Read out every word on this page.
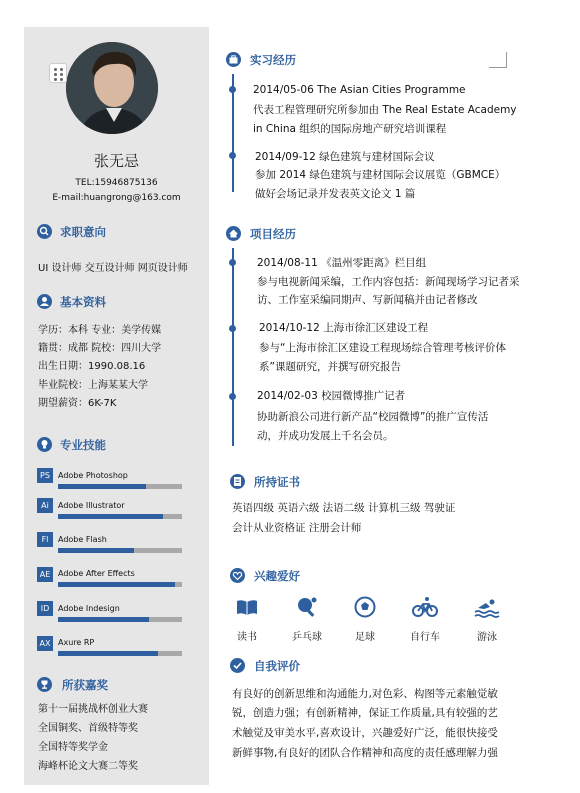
张无忌
TEL:15946875136
E-mail:huangrong@163.com
求职意向
UI 设计师 交互设计师 网页设计师
基本资料
学历：本科 专业：美学传媒
籍贯：成都 院校：四川大学
出生日期：1990.08.16
毕业院校：上海某某大学
期望薪资：6K-7K
专业技能
PS	Adobe Photoshop
Ai	Adobe Illustrator
Fl	Adobe Flash
AE Adobe After Effects
ID	Adobe Indesign
AX Axure RP
所获嘉奖
第十一届挑战杯创业大赛
全国铜奖、首级特等奖
全国特等奖学金
海峰杯论文大赛二等奖
实习经历
2014/05-06 The Asian Cities Programme
代表工程管理研究所参加由 The Real Estate Academy
in China 组织的国际房地产研究培训课程
2014/09-12 绿色建筑与建材国际会议
参加 2014 绿色建筑与建材国际会议展览（GBMCE）
做好会场记录并发表英文论文 1 篇
项目经历
2014/08-11 《温州零距离》栏目组
参与电视新闻采编，工作内容包括：新闻现场学习记者采
访、工作室采编同期声、写新闻稿并由记者修改
2014/10-12 上海市徐汇区建设工程
参与“上海市徐汇区建设工程现场综合管理考核评价体
系”课题研究，并撰写研究报告
2014/02-03 校园微博推广记者
协助新浪公司进行新产品“校园微博”的推广宣传活
动，并成功发展上千名会员。
所持证书
英语四级 英语六级 法语二级 计算机三级 驾驶证
会计从业资格证 注册会计师
兴趣爱好
读书	乒乓球	足球	自行车	游泳
自我评价
有良好的创新思维和沟通能力,对色彩、构图等元素触觉敏
锐，创造力强；有创新精神，保证工作质量,具有较强的艺
术触觉及审美水平,喜欢设计，兴趣爱好广泛，能很快接受
新鲜事物,有良好的团队合作精神和高度的责任感理解力强
